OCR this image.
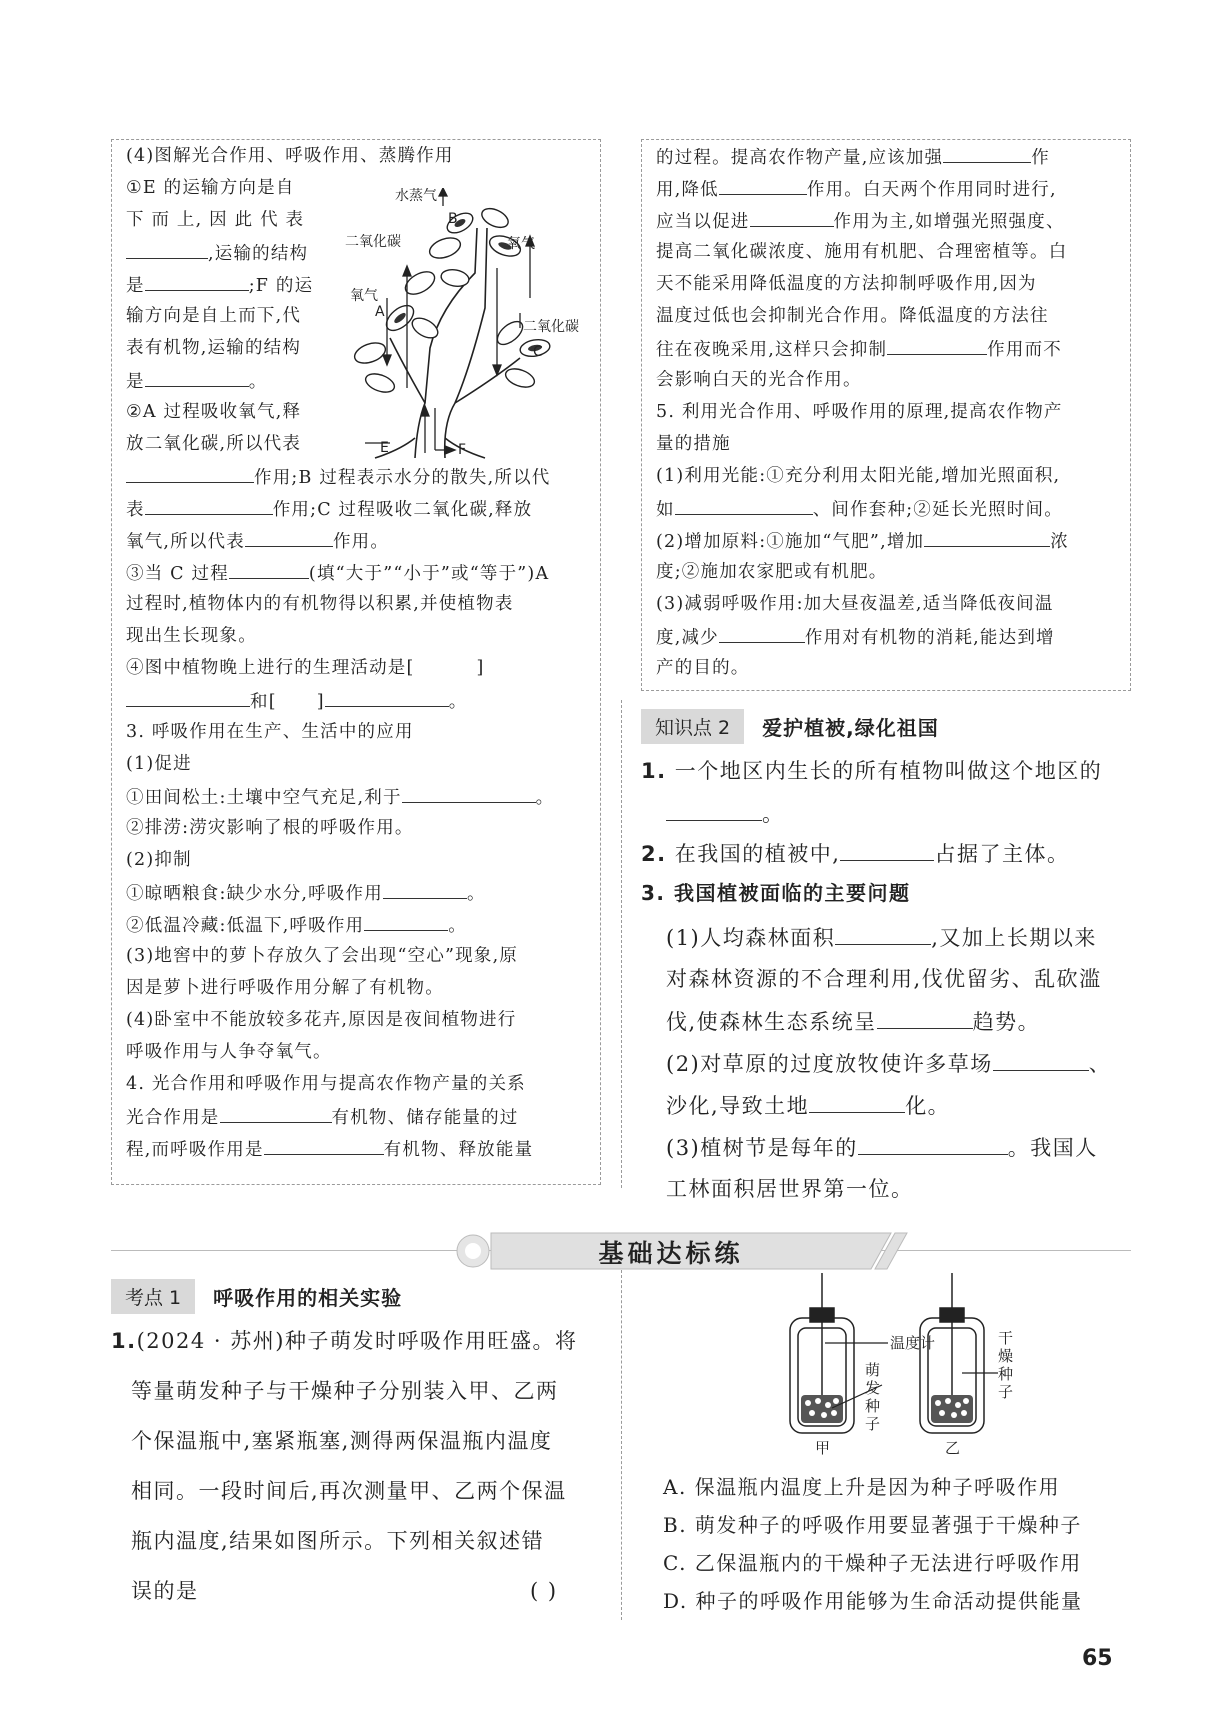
(4)图解光合作用、呼吸作用、蒸腾作用
①E 的运输方向是自
下 而 上, 因 此 代 表
,运输的结构
是	;F 的运
输方向是自上而下,代
表有机物,运输的结构
是	。
②A 过程吸收氧气,释
放二氧化碳,所以代表
作用;B 过程表示水分的散失,所以代
表	作用;C 过程吸收二氧化碳,释放
氧气,所以代表	作用。
③当 C 过程	(填“大于”“小于”或“等于”)A
过程时,植物体内的有机物得以积累,并使植物表
现出生长现象。
④图中植物晚上进行的生理活动是[	]
和[ ]	。
3. 呼吸作用在生产、生活中的应用
(1)促进
①田间松土:土壤中空气充足,利于	。
②排涝:涝灾影响了根的呼吸作用。
(2)抑制
①晾晒粮食:缺少水分,呼吸作用	。
②低温冷藏:低温下,呼吸作用	。
(3)地窖中的萝卜存放久了会出现“空心”现象,原
因是萝卜进行呼吸作用分解了有机物。
(4)卧室中不能放较多花卉,原因是夜间植物进行
呼吸作用与人争夺氧气。
4. 光合作用和呼吸作用与提高农作物产量的关系
光合作用是	有机物、储存能量的过
程,而呼吸作用是	有机物、释放能量
水蒸气
B
二氧化碳	氧气
氧气
A
二氧化碳
C
E	F
的过程。提高农作物产量,应该加强	作
用,降低	作用。白天两个作用同时进行,
应当以促进	作用为主,如增强光照强度、
提高二氧化碳浓度、施用有机肥、合理密植等。白
天不能采用降低温度的方法抑制呼吸作用,因为
温度过低也会抑制光合作用。降低温度的方法往
往在夜晚采用,这样只会抑制	作用而不
会影响白天的光合作用。
5. 利用光合作用、呼吸作用的原理,提高农作物产
量的措施
(1)利用光能:①充分利用太阳光能,增加光照面积,
如	、间作套种;②延长光照时间。
(2)增加原料:①施加“气肥”,增加	浓
度;②施加农家肥或有机肥。
(3)减弱呼吸作用:加大昼夜温差,适当降低夜间温
度,减少	作用对有机物的消耗,能达到增
产的目的。
知识点 2	爱护植被,绿化祖国
1. 一个地区内生长的所有植物叫做这个地区的
。
2. 在我国的植被中,	占据了主体。
3. 我国植被面临的主要问题
(1)人均森林面积	,又加上长期以来
对森林资源的不合理利用,伐优留劣、乱砍滥
伐,使森林生态系统呈	趋势。
(2)对草原的过度放牧使许多草场	、
沙化,导致土地	化。
(3)植树节是每年的	。我国人
工林面积居世界第一位。
基础达标练
考点 1	呼吸作用的相关实验
1.(2024 · 苏州)种子萌发时呼吸作用旺盛。将
等量萌发种子与干燥种子分别装入甲、乙两
个保温瓶中,塞紧瓶塞,测得两保温瓶内温度
相同。一段时间后,再次测量甲、乙两个保温
瓶内温度,结果如图所示。下列相关叙述错
误的是	( )
温度计
萌
发
种
子
干
燥
种
子
甲	乙
A. 保温瓶内温度上升是因为种子呼吸作用
B. 萌发种子的呼吸作用要显著强于干燥种子
C. 乙保温瓶内的干燥种子无法进行呼吸作用
D. 种子的呼吸作用能够为生命活动提供能量
65
